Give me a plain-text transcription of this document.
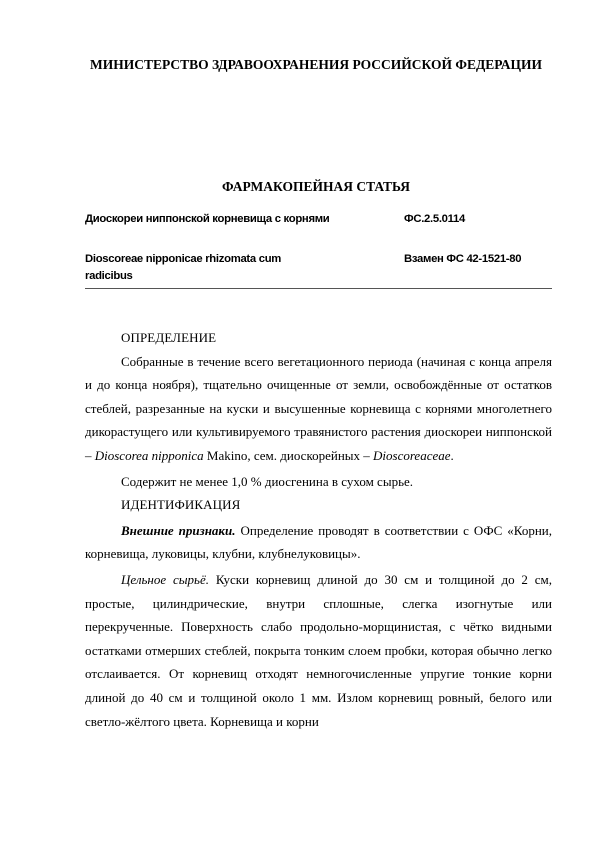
МИНИСТЕРСТВО ЗДРАВООХРАНЕНИЯ РОССИЙСКОЙ ФЕДЕРАЦИИ
ФАРМАКОПЕЙНАЯ СТАТЬЯ
Диоскореи ниппонской корневища с корнями	ФС.2.5.0114
Dioscoreae nipponicae rhizomata cum radicibus
Взамен ФС 42-1521-80

ОПРЕДЕЛЕНИЕ

Собранные в течение всего вегетационного периода (начиная с конца апреля и до конца ноября), тщательно очищенные от земли, освобождённые от остатков стеблей, разрезанные на куски и высушенные корневища с корнями многолетнего дикорастущего или культивируемого травянистого растения диоскореи ниппонской – Dioscorea nipponica Makino, сем. диоскорейных – Dioscoreaceae.

Содержит не менее 1,0 % диосгенина в сухом сырье.

ИДЕНТИФИКАЦИЯ

Внешние признаки. Определение проводят в соответствии с ОФС «Корни, корневища, луковицы, клубни, клубнелуковицы».

Цельное сырьё. Куски корневищ длиной до 30 см и толщиной до 2 см, простые, цилиндрические, внутри сплошные, слегка изогнутые или перекрученные. Поверхность слабо продольно-морщинистая, с чётко видными остатками отмерших стеблей, покрыта тонким слоем пробки, которая обычно легко отслаивается. От корневищ отходят немногочисленные упругие тонкие корни длиной до 40 см и толщиной около 1 мм. Излом корневищ ровный, белого или светло-жёлтого цвета. Корневища и корни
